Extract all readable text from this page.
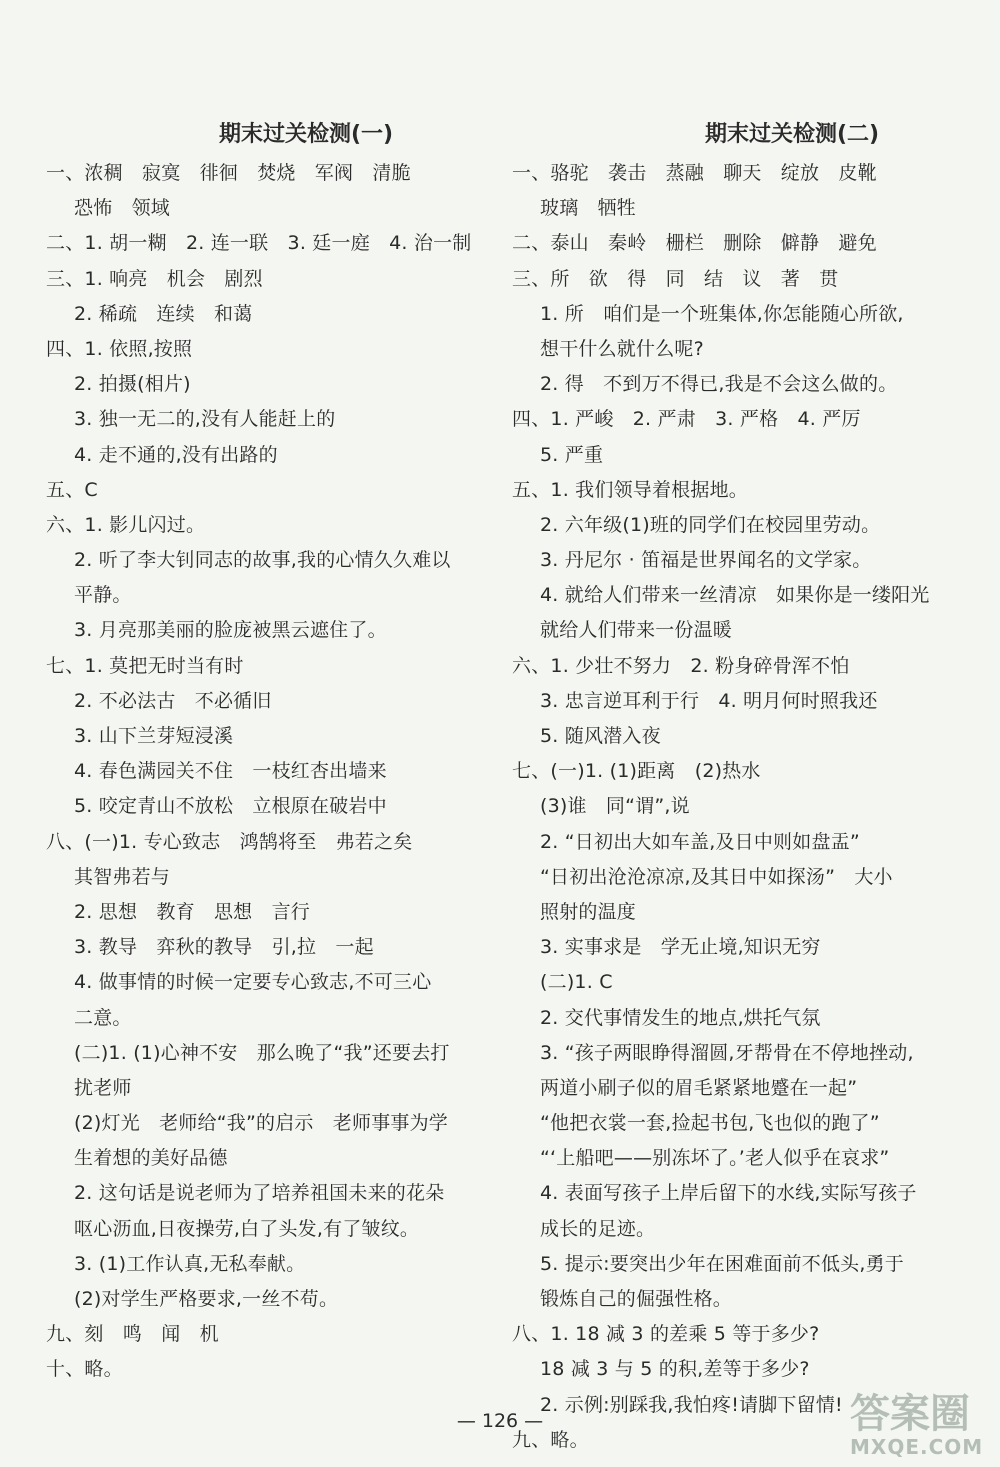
期末过关检测(一)
一、浓稠　寂寞　徘徊　焚烧　军阀　清脆
恐怖　领域
二、1. 胡一糊　2. 连一联　3. 廷一庭　4. 治一制
三、1. 响亮　机会　剧烈
2. 稀疏　连续　和蔼
四、1. 依照,按照
2. 拍摄(相片)
3. 独一无二的,没有人能赶上的
4. 走不通的,没有出路的
五、C
六、1. 影儿闪过。
2. 听了李大钊同志的故事,我的心情久久难以
平静。
3. 月亮那美丽的脸庞被黑云遮住了。
七、1. 莫把无时当有时
2. 不必法古　不必循旧
3. 山下兰芽短浸溪
4. 春色满园关不住　一枝红杏出墙来
5. 咬定青山不放松　立根原在破岩中
八、(一)1. 专心致志　鸿鹄将至　弗若之矣
其智弗若与
2. 思想　教育　思想　言行
3. 教导　弈秋的教导　引,拉　一起
4. 做事情的时候一定要专心致志,不可三心
二意。
(二)1. (1)心神不安　那么晚了“我”还要去打
扰老师
(2)灯光　老师给“我”的启示　老师事事为学
生着想的美好品德
2. 这句话是说老师为了培养祖国未来的花朵
呕心沥血,日夜操劳,白了头发,有了皱纹。
3. (1)工作认真,无私奉献。
(2)对学生严格要求,一丝不苟。
九、刻　鸣　闻　机
十、略。
期末过关检测(二)
一、骆驼　袭击　蒸融　聊天　绽放　皮靴
玻璃　牺牲
二、泰山　秦岭　栅栏　删除　僻静　避免
三、所　欲　得　同　结　议　著　贯
1. 所　咱们是一个班集体,你怎能随心所欲,
想干什么就什么呢?
2. 得　不到万不得已,我是不会这么做的。
四、1. 严峻　2. 严肃　3. 严格　4. 严厉
5. 严重
五、1. 我们领导着根据地。
2. 六年级(1)班的同学们在校园里劳动。
3. 丹尼尔 · 笛福是世界闻名的文学家。
4. 就给人们带来一丝清凉　如果你是一缕阳光
就给人们带来一份温暖
六、1. 少壮不努力　2. 粉身碎骨浑不怕
3. 忠言逆耳利于行　4. 明月何时照我还
5. 随风潜入夜
七、(一)1. (1)距离　(2)热水
(3)谁　同“谓”,说
2. “日初出大如车盖,及日中则如盘盂”
“日初出沧沧凉凉,及其日中如探汤”　大小
照射的温度
3. 实事求是　学无止境,知识无穷
(二)1. C
2. 交代事情发生的地点,烘托气氛
3. “孩子两眼睁得溜圆,牙帮骨在不停地挫动,
两道小刷子似的眉毛紧紧地蹙在一起”
“他把衣裳一套,捡起书包,飞也似的跑了”
“‘上船吧——别冻坏了。’老人似乎在哀求”
4. 表面写孩子上岸后留下的水线,实际写孩子
成长的足迹。
5. 提示:要突出少年在困难面前不低头,勇于
锻炼自己的倔强性格。
八、1. 18 减 3 的差乘 5 等于多少?
18 减 3 与 5 的积,差等于多少?
2. 示例:别踩我,我怕疼!请脚下留情!
九、略。
— 126 —	答案圈
MXQE.COM
